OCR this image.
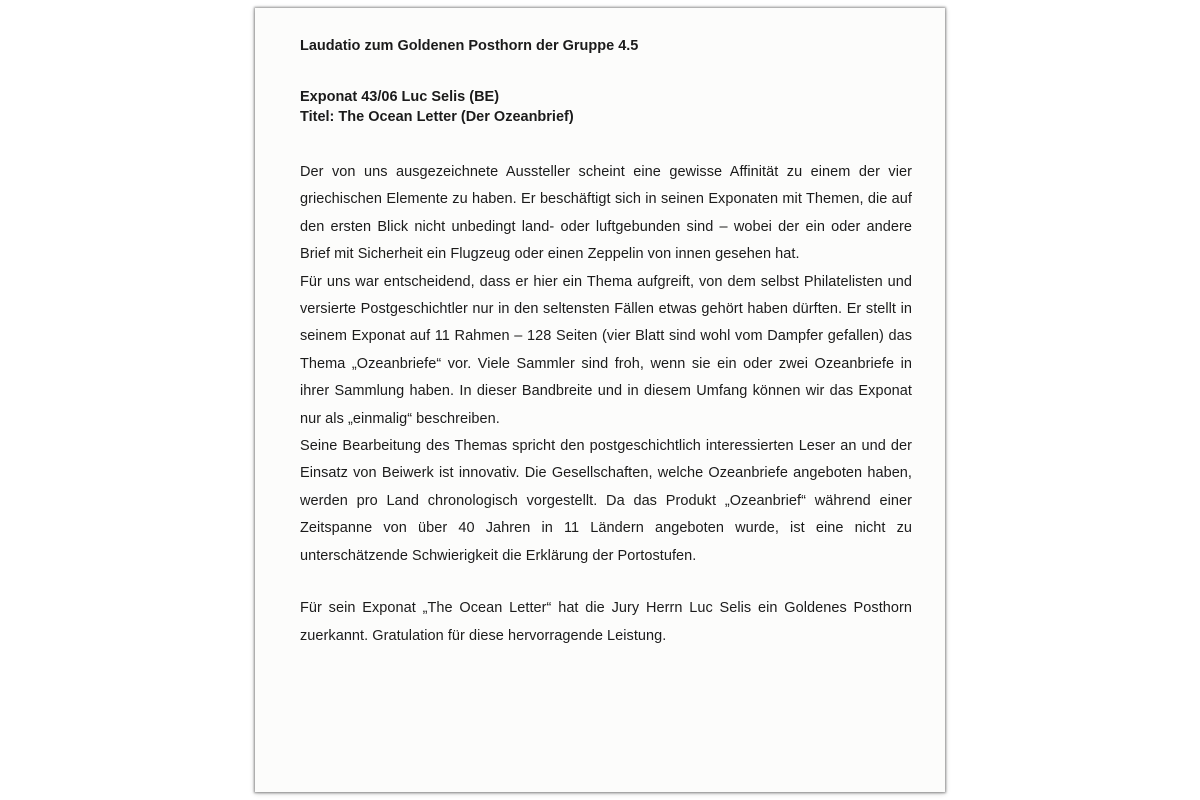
Laudatio zum Goldenen Posthorn der Gruppe 4.5

Exponat 43/06 Luc Selis (BE)

Titel: The Ocean Letter (Der Ozeanbrief)

Der von uns ausgezeichnete Aussteller scheint eine gewisse Affinität zu einem der vier griechischen Elemente zu haben. Er beschäftigt sich in seinen Exponaten mit Themen, die auf den ersten Blick nicht unbedingt land- oder luftgebunden sind – wobei der ein oder andere Brief mit Sicherheit ein Flugzeug oder einen Zeppelin von innen gesehen hat.

Für uns war entscheidend, dass er hier ein Thema aufgreift, von dem selbst Philatelisten und versierte Postgeschichtler nur in den seltensten Fällen etwas gehört haben dürften. Er stellt in seinem Exponat auf 11 Rahmen – 128 Seiten (vier Blatt sind wohl vom Dampfer gefallen) das Thema „Ozeanbriefe“ vor. Viele Sammler sind froh, wenn sie ein oder zwei Ozeanbriefe in ihrer Sammlung haben. In dieser Bandbreite und in diesem Umfang können wir das Exponat nur als „einmalig“ beschreiben.

Seine Bearbeitung des Themas spricht den postgeschichtlich interessierten Leser an und der Einsatz von Beiwerk ist innovativ. Die Gesellschaften, welche Ozeanbriefe angeboten haben, werden pro Land chronologisch vorgestellt. Da das Produkt „Ozeanbrief“ während einer Zeitspanne von über 40 Jahren in 11 Ländern angeboten wurde, ist eine nicht zu unterschätzende Schwierigkeit die Erklärung der Portostufen.

Für sein Exponat „The Ocean Letter“ hat die Jury Herrn Luc Selis ein Goldenes Posthorn zuerkannt. Gratulation für diese hervorragende Leistung.
